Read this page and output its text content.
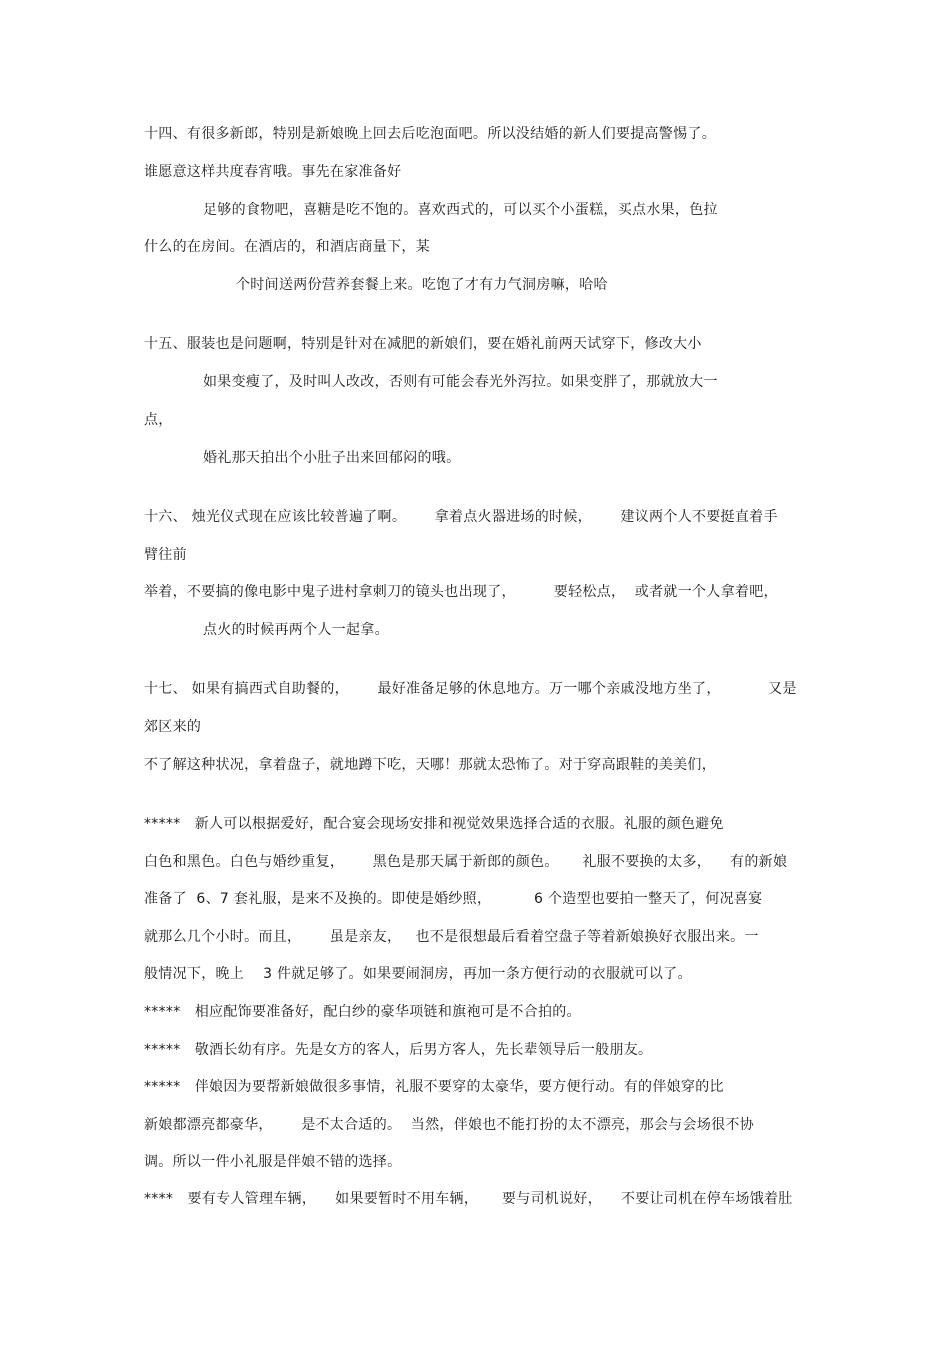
十四、有很多新郎，特别是新娘晚上回去后吃泡面吧。所以没结婚的新人们要提高警惕了。
谁愿意这样共度春宵哦。事先在家准备好
足够的食物吧，喜糖是吃不饱的。喜欢西式的，可以买个小蛋糕，买点水果，色拉
什么的在房间。在酒店的，和酒店商量下，某
个时间送两份营养套餐上来。吃饱了才有力气洞房嘛，哈哈
十五、服装也是问题啊，特别是针对在减肥的新娘们，要在婚礼前两天试穿下，修改大小
如果变瘦了，及时叫人改改，否则有可能会春光外泻拉。如果变胖了，那就放大一
点，
婚礼那天拍出个小肚子出来回郁闷的哦。
十六、 烛光仪式现在应该比较普遍了啊。      拿着点火器进场的时候，      建议两个人不要挺直着手
臂往前
举着，不要搞的像电影中鬼子进村拿刺刀的镜头也出现了，        要轻松点，  或者就一个人拿着吧，
点火的时候再两个人一起拿。
十七、 如果有搞西式自助餐的，      最好准备足够的休息地方。万一哪个亲戚没地方坐了，          又是
郊区来的
不了解这种状况，拿着盘子，就地蹲下吃，天哪！那就太恐怖了。对于穿高跟鞋的美美们，
*****   新人可以根据爱好，配合宴会现场安排和视觉效果选择合适的衣服。礼服的颜色避免
白色和黑色。白色与婚纱重复，      黑色是那天属于新郎的颜色。     礼服不要换的太多，    有的新娘
准备了  6、7 套礼服，是来不及换的。即使是婚纱照，         6 个造型也要拍一整天了，何况喜宴
就那么几个小时。而且，      虽是亲友，   也不是很想最后看着空盘子等着新娘换好衣服出来。一
般情况下，晚上    3 件就足够了。如果要闹洞房，再加一条方便行动的衣服就可以了。
*****   相应配饰要准备好，配白纱的豪华项链和旗袍可是不合拍的。
*****   敬酒长幼有序。先是女方的客人，后男方客人，先长辈领导后一般朋友。
*****   伴娘因为要帮新娘做很多事情，礼服不要穿的太豪华，要方便行动。有的伴娘穿的比
新娘都漂亮都豪华，      是不太合适的。  当然，伴娘也不能打扮的太不漂亮，那会与会场很不协
调。所以一件小礼服是伴娘不错的选择。
****   要有专人管理车辆，    如果要暂时不用车辆，     要与司机说好，    不要让司机在停车场饿着肚
